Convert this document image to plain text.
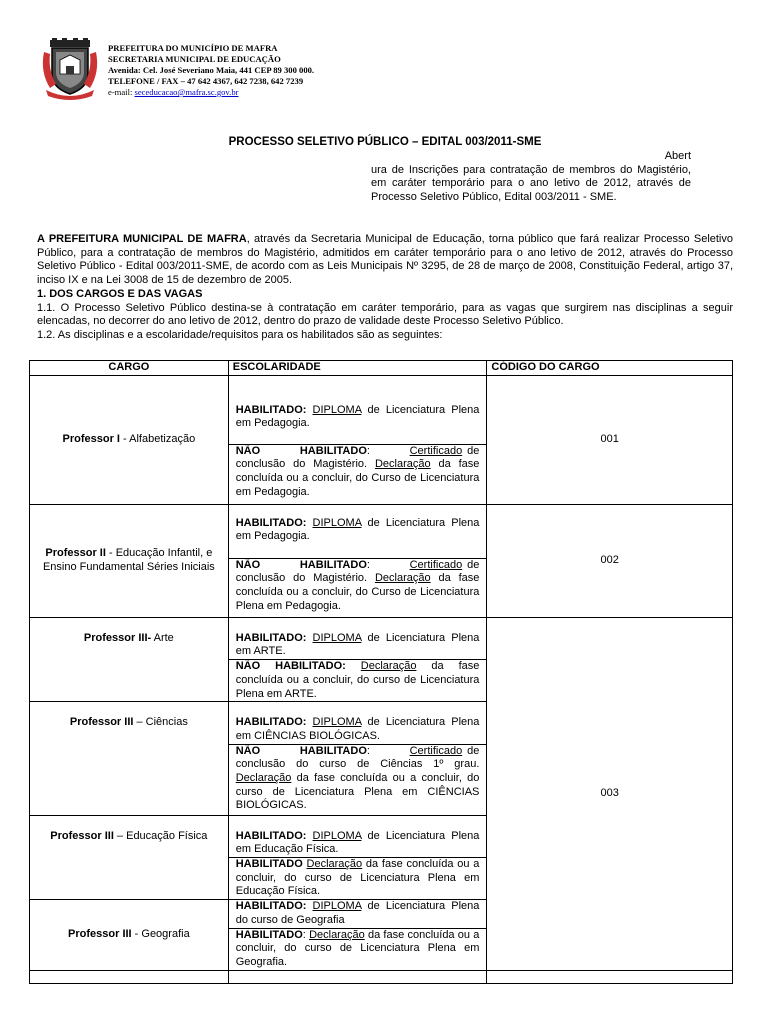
PREFEITURA DO MUNICÍPIO DE MAFRA
SECRETARIA MUNICIPAL DE EDUCAÇÃO
Avenida: Cel. José Severiano Maia, 441 CEP 89 300 000.
TELEFONE / FAX – 47 642 4367, 642 7238, 642 7239
e-mail: seceducacao@mafra.sc.gov.br
PROCESSO SELETIVO PÚBLICO – EDITAL 003/2011-SME
Abert
ura de Inscrições para contratação de membros do Magistério, em caráter temporário para o ano letivo de 2012, através de Processo Seletivo Público, Edital 003/2011 - SME.

A PREFEITURA MUNICIPAL DE MAFRA, através da Secretaria Municipal de Educação, torna público que fará realizar Processo Seletivo Público, para a contratação de membros do Magistério, admitidos em caráter temporário para o ano letivo de 2012, através do Processo Seletivo Público - Edital 003/2011-SME, de acordo com as Leis Municipais Nº 3295, de 28 de março de 2008, Constituição Federal, artigo 37, inciso IX e na Lei 3008 de 15 de dezembro de 2005.

1. DOS CARGOS E DAS VAGAS

1.1. O Processo Seletivo Público destina-se à contratação em caráter temporário, para as vagas que surgirem nas disciplinas a seguir elencadas, no decorrer do ano letivo de 2012, dentro do prazo de validade deste Processo Seletivo Público.

1.2. As disciplinas e a escolaridade/requisitos para os habilitados são as seguintes:

CARGO	ESCOLARIDADE	CÓDIGO DO CARGO
Professor I - Alfabetização	HABILITADO: DIPLOMA de Licenciatura Plena em Pedagogia.	001
	NÃO HABILITADO:        Certificado de conclusão do Magistério. Declaração da fase concluída ou a concluir, do Curso de Licenciatura em Pedagogia.	
Professor II - Educação Infantil, e Ensino Fundamental Séries Iniciais	HABILITADO: DIPLOMA de Licenciatura Plena em Pedagogia.	002
	NÃO HABILITADO:        Certificado de conclusão do Magistério. Declaração da fase concluída ou a concluir, do Curso de Licenciatura Plena em Pedagogia.	
Professor III- Arte	HABILITADO: DIPLOMA de Licenciatura Plena em ARTE.	003
	NÃO HABILITADO: Declaração da fase concluída ou a concluir, do curso de Licenciatura Plena em ARTE.	
Professor III – Ciências	HABILITADO: DIPLOMA de Licenciatura Plena em CIÊNCIAS BIOLÓGICAS.	

	NÃO HABILITADO:        Certificado de conclusão do curso de Ciências 1º grau. Declaração da fase concluída ou a concluir, do curso de Licenciatura Plena em CIÊNCIAS BIOLÓGICAS.	
Professor III – Educação Física	HABILITADO: DIPLOMA de Licenciatura Plena em Educação Física.	

	HABILITADO Declaração da fase concluída ou a concluir, do curso de Licenciatura Plena em Educação Física.	
Professor III - Geografia	HABILITADO: DIPLOMA de Licenciatura Plena do curso de Geografia	
	HABILITADO: Declaração da fase concluída ou a concluir, do curso de Licenciatura Plena em Geografia.	
